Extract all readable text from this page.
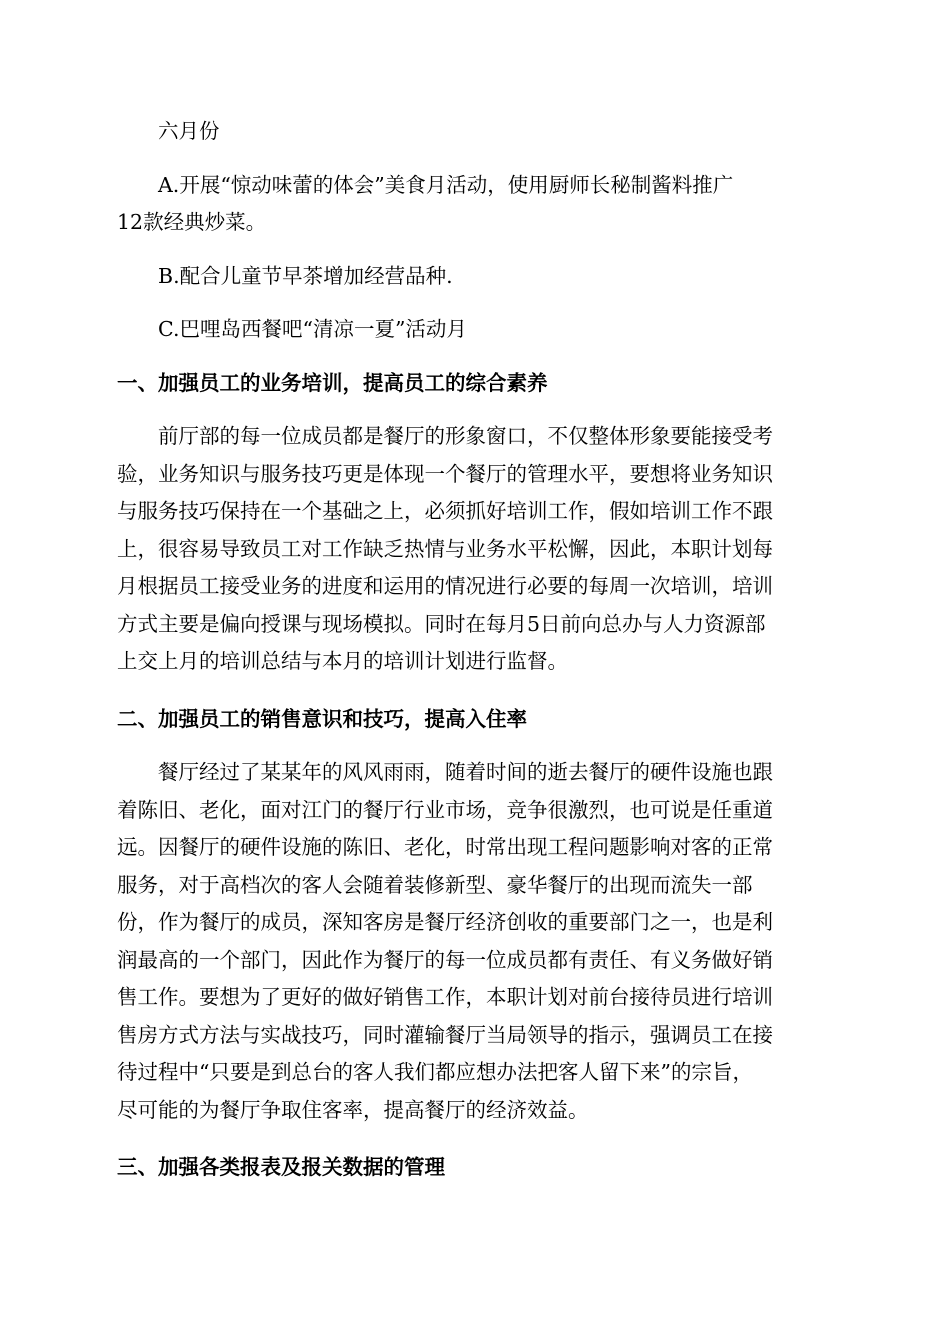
六月份

A.开展“惊动味蕾的体会”美食月活动，使用厨师长秘制酱料推广
12款经典炒菜。

B.配合儿童节早茶增加经营品种.

C.巴哩岛西餐吧“清凉一夏”活动月

一、加强员工的业务培训，提高员工的综合素养

前厅部的每一位成员都是餐厅的形象窗口，不仅整体形象要能接受考
验，业务知识与服务技巧更是体现一个餐厅的管理水平，要想将业务知识
与服务技巧保持在一个基础之上，必须抓好培训工作，假如培训工作不跟
上，很容易导致员工对工作缺乏热情与业务水平松懈，因此，本职计划每
月根据员工接受业务的进度和运用的情况进行必要的每周一次培训，培训
方式主要是偏向授课与现场模拟。同时在每月5日前向总办与人力资源部
上交上月的培训总结与本月的培训计划进行监督。

二、加强员工的销售意识和技巧，提高入住率

餐厅经过了某某年的风风雨雨，随着时间的逝去餐厅的硬件设施也跟
着陈旧、老化，面对江门的餐厅行业市场，竞争很激烈，也可说是任重道
远。因餐厅的硬件设施的陈旧、老化，时常出现工程问题影响对客的正常
服务，对于高档次的客人会随着装修新型、豪华餐厅的出现而流失一部
份，作为餐厅的成员，深知客房是餐厅经济创收的重要部门之一，也是利
润最高的一个部门，因此作为餐厅的每一位成员都有责任、有义务做好销
售工作。要想为了更好的做好销售工作，本职计划对前台接待员进行培训
售房方式方法与实战技巧，同时灌输餐厅当局领导的指示，强调员工在接
待过程中“只要是到总台的客人我们都应想办法把客人留下来”的宗旨，
尽可能的为餐厅争取住客率，提高餐厅的经济效益。

三、加强各类报表及报关数据的管理
